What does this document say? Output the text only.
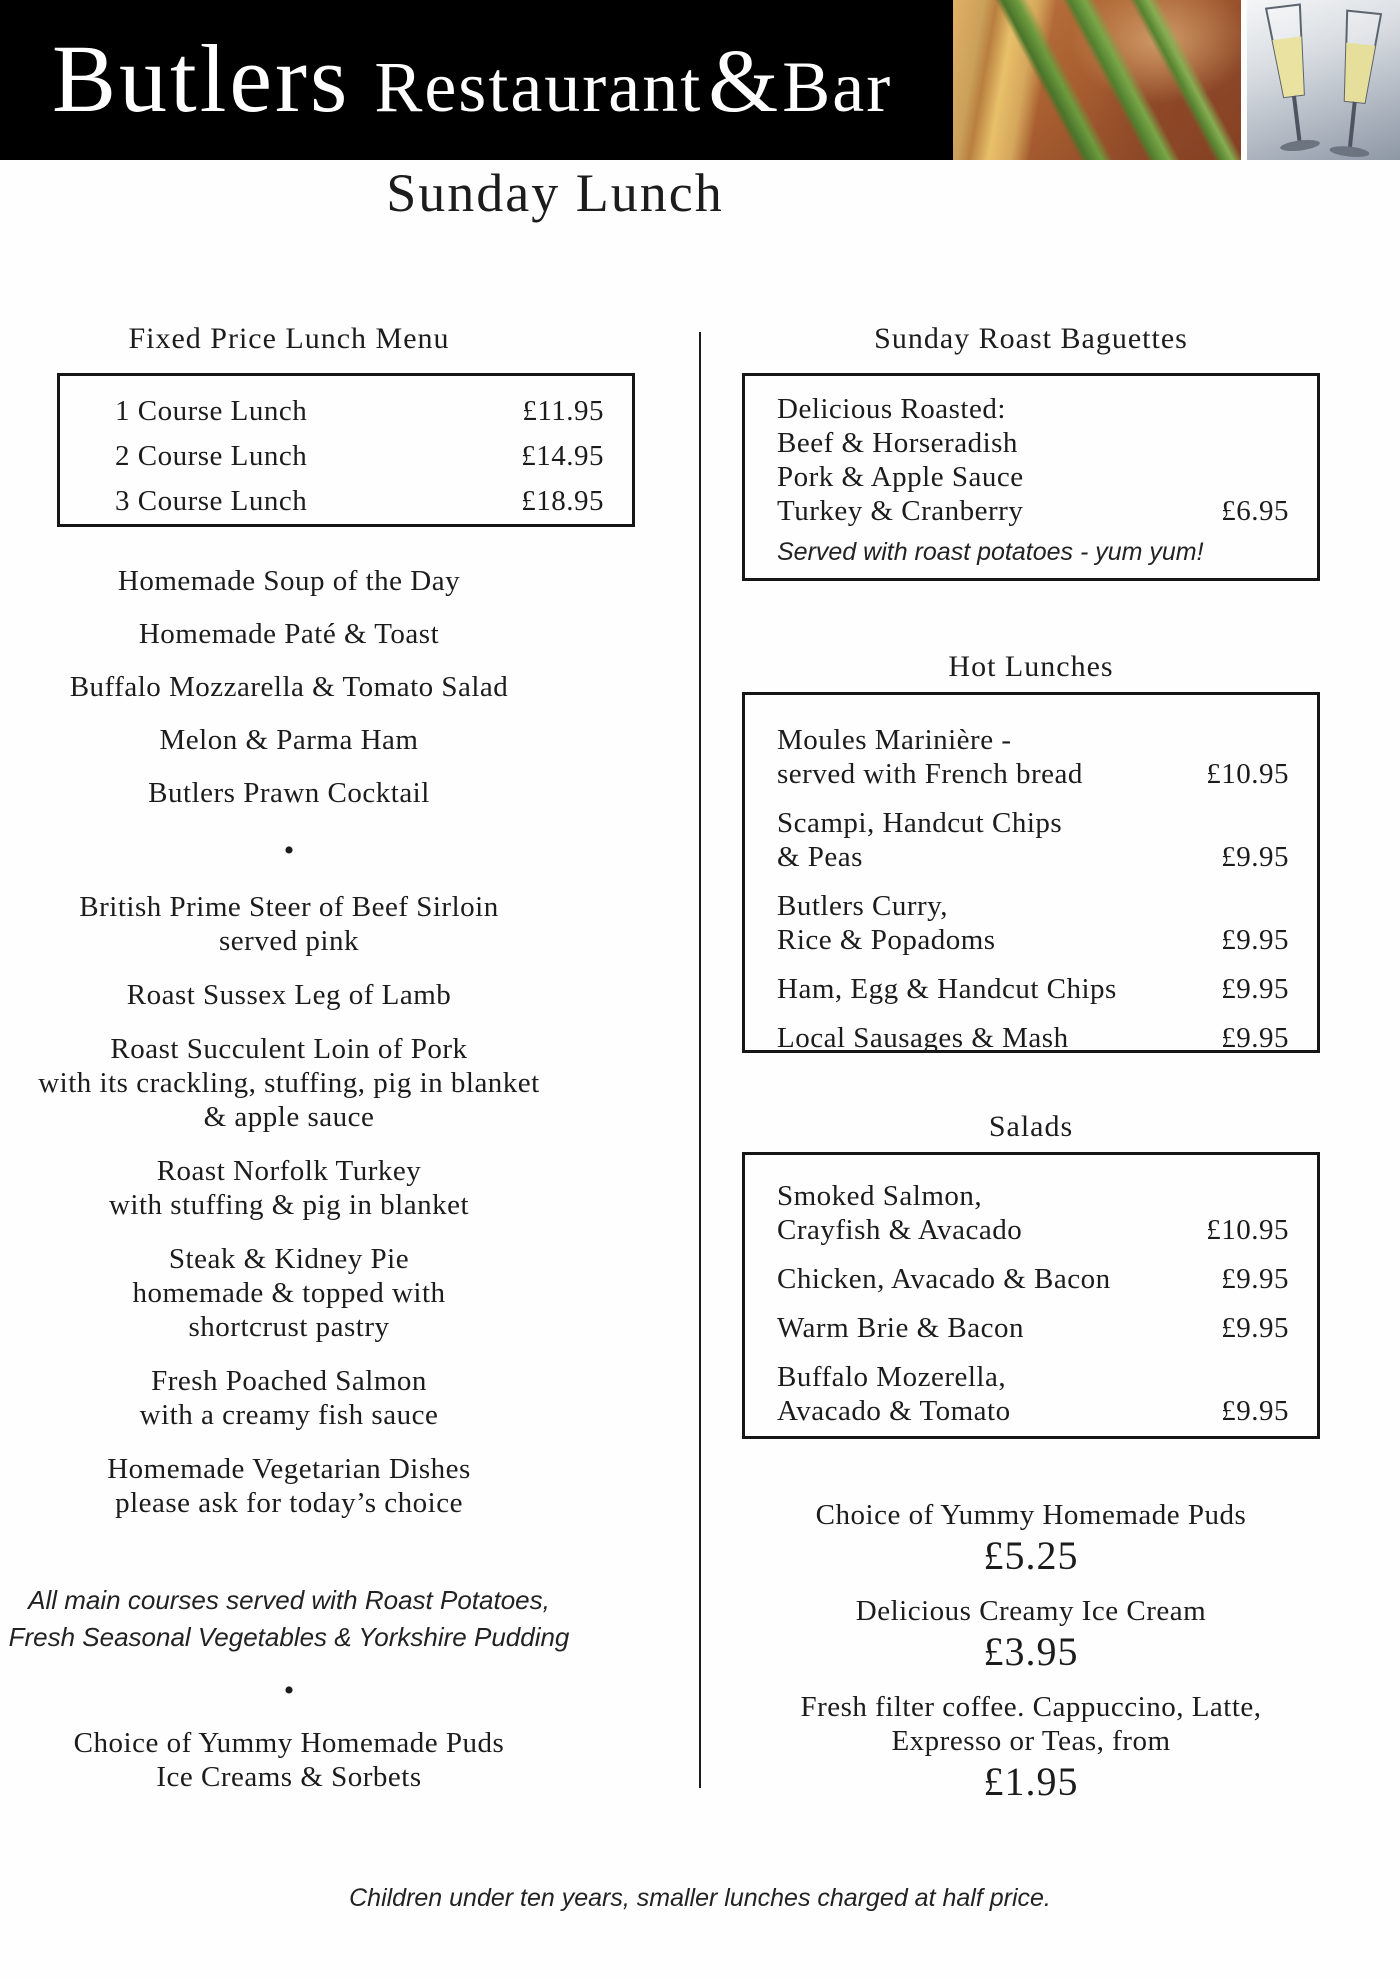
Butlers Restaurant&Bar
Sunday Lunch
Fixed Price Lunch Menu
1 Course Lunch	£11.95
2 Course Lunch	£14.95
3 Course Lunch	£18.95
Homemade Soup of the Day
Homemade Paté & Toast
Buffalo Mozzarella & Tomato Salad
Melon & Parma Ham
Butlers Prawn Cocktail
•
British Prime Steer of Beef Sirloin
served pink
Roast Sussex Leg of Lamb
Roast Succulent Loin of Pork
with its crackling, stuffing, pig in blanket
& apple sauce
Roast Norfolk Turkey
with stuffing & pig in blanket
Steak & Kidney Pie
homemade & topped with
shortcrust pastry
Fresh Poached Salmon
with a creamy fish sauce
Homemade Vegetarian Dishes
please ask for today’s choice
All main courses served with Roast Potatoes,
Fresh Seasonal Vegetables & Yorkshire Pudding
•
Choice of Yummy Homemade Puds
Ice Creams & Sorbets
Sunday Roast Baguettes
Delicious Roasted:
Beef & Horseradish
Pork & Apple Sauce
Turkey & Cranberry	£6.95
Served with roast potatoes - yum yum!
Hot Lunches
Moules Marinière -
served with French bread	£10.95
Scampi, Handcut Chips
& Peas	£9.95
Butlers Curry,
Rice & Popadoms	£9.95
Ham, Egg & Handcut Chips	£9.95
Local Sausages & Mash	£9.95
Salads
Smoked Salmon,
Crayfish & Avacado	£10.95
Chicken, Avacado & Bacon	£9.95
Warm Brie & Bacon	£9.95
Buffalo Mozerella,
Avacado & Tomato	£9.95
Choice of Yummy Homemade Puds
£5.25
Delicious Creamy Ice Cream
£3.95
Fresh filter coffee. Cappuccino, Latte,
Expresso or Teas, from
£1.95
Children under ten years, smaller lunches charged at half price.
